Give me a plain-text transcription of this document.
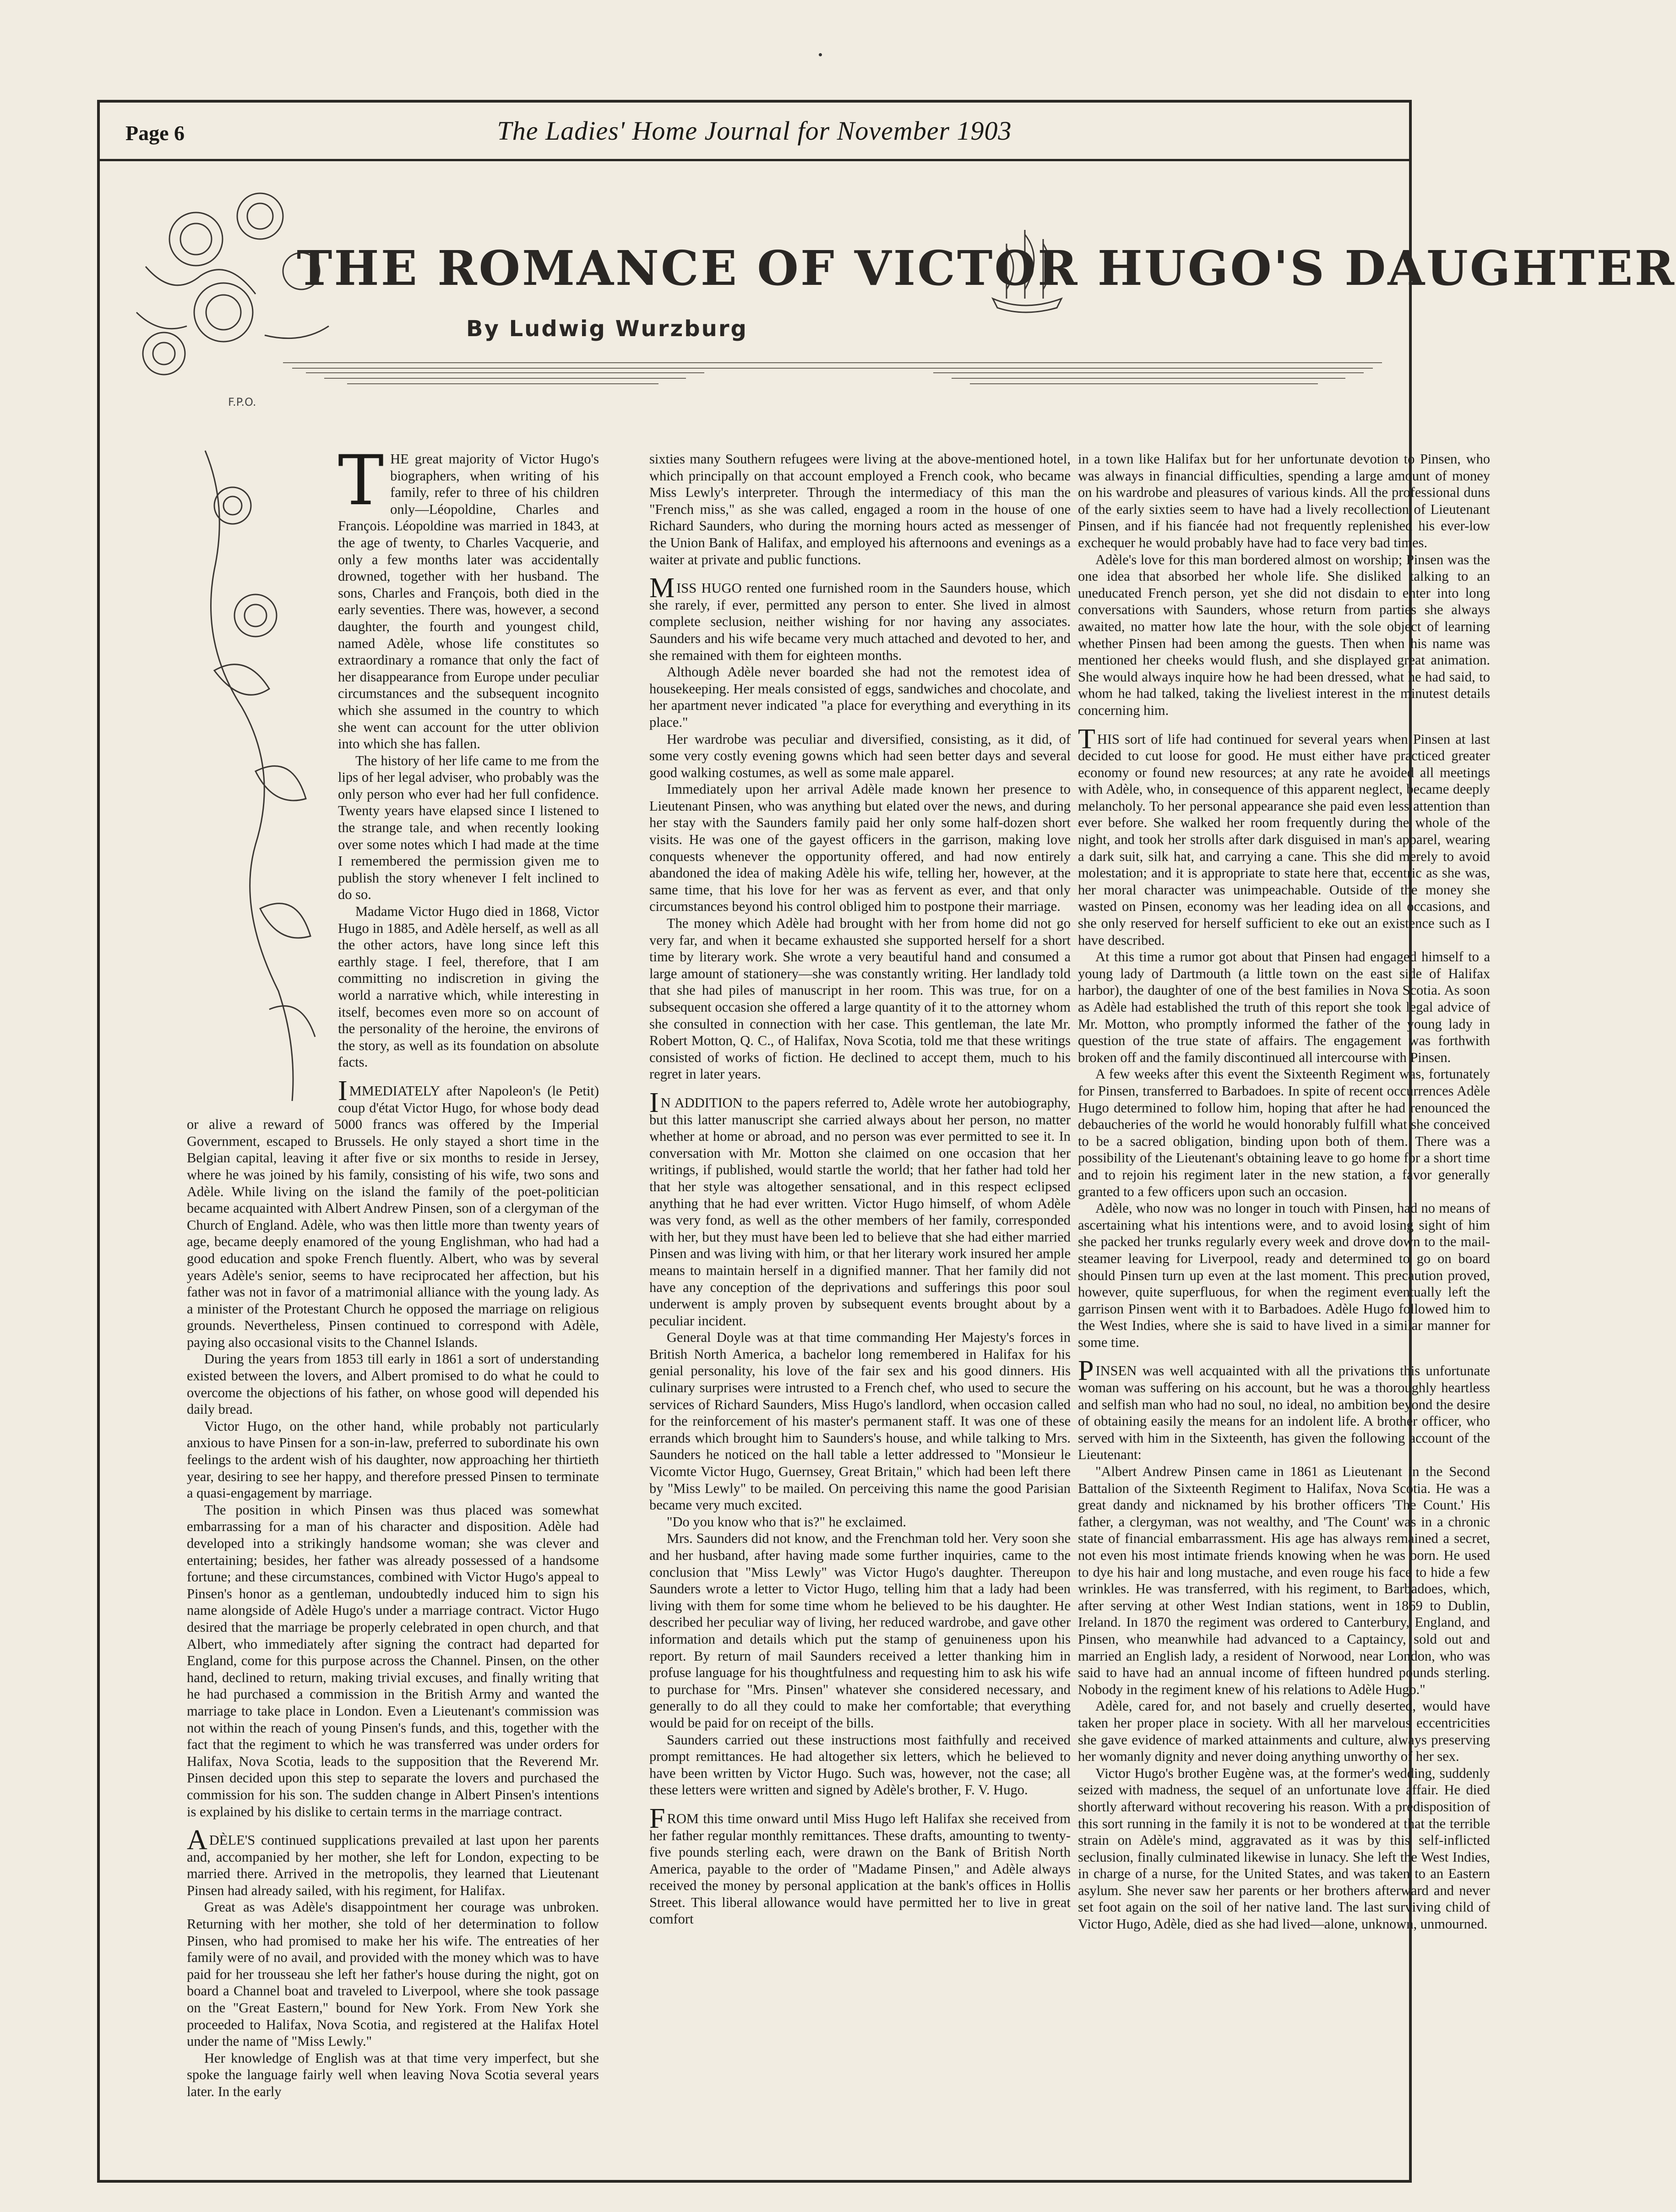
Page 6	The Ladies' Home Journal for November 1903
THE ROMANCE OF VICTOR HUGO'S DAUGHTER
By Ludwig Wurzburg
F.P.O.

THE great majority of Victor Hugo's biographers, when writing of his family, refer to three of his children only—Léopoldine, Charles and François. Léopoldine was married in 1843, at the age of twenty, to Charles Vacquerie, and only a few months later was accidentally drowned, together with her husband. The sons, Charles and François, both died in the early seventies. There was, however, a second daughter, the fourth and youngest child, named Adèle, whose life constitutes so extraordinary a romance that only the fact of her disappearance from Europe under peculiar circumstances and the subsequent incognito which she assumed in the country to which she went can account for the utter oblivion into which she has fallen.

The history of her life came to me from the lips of her legal adviser, who probably was the only person who ever had her full confidence. Twenty years have elapsed since I listened to the strange tale, and when recently looking over some notes which I had made at the time I remembered the permission given me to publish the story whenever I felt inclined to do so.

Madame Victor Hugo died in 1868, Victor Hugo in 1885, and Adèle herself, as well as all the other actors, have long since left this earthly stage. I feel, therefore, that I am committing no indiscretion in giving the world a narrative which, while interesting in itself, becomes even more so on account of the personality of the heroine, the environs of the story, as well as its foundation on absolute facts.

IMMEDIATELY after Napoleon's (le Petit) coup d'état Victor Hugo, for whose body dead or alive a reward of 5000 francs was offered by the Imperial Government, escaped to Brussels. He only stayed a short time in the Belgian capital, leaving it after five or six months to reside in Jersey, where he was joined by his family, consisting of his wife, two sons and Adèle. While living on the island the family of the poet-politician became acquainted with Albert Andrew Pinsen, son of a clergyman of the Church of England. Adèle, who was then little more than twenty years of age, became deeply enamored of the young Englishman, who had had a good education and spoke French fluently. Albert, who was by several years Adèle's senior, seems to have reciprocated her affection, but his father was not in favor of a matrimonial alliance with the young lady. As a minister of the Protestant Church he opposed the marriage on religious grounds. Nevertheless, Pinsen continued to correspond with Adèle, paying also occasional visits to the Channel Islands.

During the years from 1853 till early in 1861 a sort of understanding existed between the lovers, and Albert promised to do what he could to overcome the objections of his father, on whose good will depended his daily bread.

Victor Hugo, on the other hand, while probably not particularly anxious to have Pinsen for a son-in-law, preferred to subordinate his own feelings to the ardent wish of his daughter, now approaching her thirtieth year, desiring to see her happy, and therefore pressed Pinsen to terminate a quasi-engagement by marriage.

The position in which Pinsen was thus placed was somewhat embarrassing for a man of his character and disposition. Adèle had developed into a strikingly handsome woman; she was clever and entertaining; besides, her father was already possessed of a handsome fortune; and these circumstances, combined with Victor Hugo's appeal to Pinsen's honor as a gentleman, undoubtedly induced him to sign his name alongside of Adèle Hugo's under a marriage contract. Victor Hugo desired that the marriage be properly celebrated in open church, and that Albert, who immediately after signing the contract had departed for England, come for this purpose across the Channel. Pinsen, on the other hand, declined to return, making trivial excuses, and finally writing that he had purchased a commission in the British Army and wanted the marriage to take place in London. Even a Lieutenant's commission was not within the reach of young Pinsen's funds, and this, together with the fact that the regiment to which he was transferred was under orders for Halifax, Nova Scotia, leads to the supposition that the Reverend Mr. Pinsen decided upon this step to separate the lovers and purchased the commission for his son. The sudden change in Albert Pinsen's intentions is explained by his dislike to certain terms in the marriage contract.

ADÈLE'S continued supplications prevailed at last upon her parents and, accompanied by her mother, she left for London, expecting to be married there. Arrived in the metropolis, they learned that Lieutenant Pinsen had already sailed, with his regiment, for Halifax.

Great as was Adèle's disappointment her courage was unbroken. Returning with her mother, she told of her determination to follow Pinsen, who had promised to make her his wife. The entreaties of her family were of no avail, and provided with the money which was to have paid for her trousseau she left her father's house during the night, got on board a Channel boat and traveled to Liverpool, where she took passage on the "Great Eastern," bound for New York. From New York she proceeded to Halifax, Nova Scotia, and registered at the Halifax Hotel under the name of "Miss Lewly."

Her knowledge of English was at that time very imperfect, but she spoke the language fairly well when leaving Nova Scotia several years later. In the early

sixties many Southern refugees were living at the above-mentioned hotel, which principally on that account employed a French cook, who became Miss Lewly's interpreter. Through the intermediacy of this man the "French miss," as she was called, engaged a room in the house of one Richard Saunders, who during the morning hours acted as messenger of the Union Bank of Halifax, and employed his afternoons and evenings as a waiter at private and public functions.

MISS HUGO rented one furnished room in the Saunders house, which she rarely, if ever, permitted any person to enter. She lived in almost complete seclusion, neither wishing for nor having any associates. Saunders and his wife became very much attached and devoted to her, and she remained with them for eighteen months.

Although Adèle never boarded she had not the remotest idea of housekeeping. Her meals consisted of eggs, sandwiches and chocolate, and her apartment never indicated "a place for everything and everything in its place."

Her wardrobe was peculiar and diversified, consisting, as it did, of some very costly evening gowns which had seen better days and several good walking costumes, as well as some male apparel.

Immediately upon her arrival Adèle made known her presence to Lieutenant Pinsen, who was anything but elated over the news, and during her stay with the Saunders family paid her only some half-dozen short visits. He was one of the gayest officers in the garrison, making love conquests whenever the opportunity offered, and had now entirely abandoned the idea of making Adèle his wife, telling her, however, at the same time, that his love for her was as fervent as ever, and that only circumstances beyond his control obliged him to postpone their marriage.

The money which Adèle had brought with her from home did not go very far, and when it became exhausted she supported herself for a short time by literary work. She wrote a very beautiful hand and consumed a large amount of stationery—she was constantly writing. Her landlady told that she had piles of manuscript in her room. This was true, for on a subsequent occasion she offered a large quantity of it to the attorney whom she consulted in connection with her case. This gentleman, the late Mr. Robert Motton, Q. C., of Halifax, Nova Scotia, told me that these writings consisted of works of fiction. He declined to accept them, much to his regret in later years.

IN ADDITION to the papers referred to, Adèle wrote her autobiography, but this latter manuscript she carried always about her person, no matter whether at home or abroad, and no person was ever permitted to see it. In conversation with Mr. Motton she claimed on one occasion that her writings, if published, would startle the world; that her father had told her that her style was altogether sensational, and in this respect eclipsed anything that he had ever written. Victor Hugo himself, of whom Adèle was very fond, as well as the other members of her family, corresponded with her, but they must have been led to believe that she had either married Pinsen and was living with him, or that her literary work insured her ample means to maintain herself in a dignified manner. That her family did not have any conception of the deprivations and sufferings this poor soul underwent is amply proven by subsequent events brought about by a peculiar incident.

General Doyle was at that time commanding Her Majesty's forces in British North America, a bachelor long remembered in Halifax for his genial personality, his love of the fair sex and his good dinners. His culinary surprises were intrusted to a French chef, who used to secure the services of Richard Saunders, Miss Hugo's landlord, when occasion called for the reinforcement of his master's permanent staff. It was one of these errands which brought him to Saunders's house, and while talking to Mrs. Saunders he noticed on the hall table a letter addressed to "Monsieur le Vicomte Victor Hugo, Guernsey, Great Britain," which had been left there by "Miss Lewly" to be mailed. On perceiving this name the good Parisian became very much excited.

"Do you know who that is?" he exclaimed.

Mrs. Saunders did not know, and the Frenchman told her. Very soon she and her husband, after having made some further inquiries, came to the conclusion that "Miss Lewly" was Victor Hugo's daughter. Thereupon Saunders wrote a letter to Victor Hugo, telling him that a lady had been living with them for some time whom he believed to be his daughter. He described her peculiar way of living, her reduced wardrobe, and gave other information and details which put the stamp of genuineness upon his report. By return of mail Saunders received a letter thanking him in profuse language for his thoughtfulness and requesting him to ask his wife to purchase for "Mrs. Pinsen" whatever she considered necessary, and generally to do all they could to make her comfortable; that everything would be paid for on receipt of the bills.

Saunders carried out these instructions most faithfully and received prompt remittances. He had altogether six letters, which he believed to have been written by Victor Hugo. Such was, however, not the case; all these letters were written and signed by Adèle's brother, F. V. Hugo.

FROM this time onward until Miss Hugo left Halifax she received from her father regular monthly remittances. These drafts, amounting to twenty-five pounds sterling each, were drawn on the Bank of British North America, payable to the order of "Madame Pinsen," and Adèle always received the money by personal application at the bank's offices in Hollis Street. This liberal allowance would have permitted her to live in great comfort

in a town like Halifax but for her unfortunate devotion to Pinsen, who was always in financial difficulties, spending a large amount of money on his wardrobe and pleasures of various kinds. All the professional duns of the early sixties seem to have had a lively recollection of Lieutenant Pinsen, and if his fiancée had not frequently replenished his ever-low exchequer he would probably have had to face very bad times.

Adèle's love for this man bordered almost on worship; Pinsen was the one idea that absorbed her whole life. She disliked talking to an uneducated French person, yet she did not disdain to enter into long conversations with Saunders, whose return from parties she always awaited, no matter how late the hour, with the sole object of learning whether Pinsen had been among the guests. Then when his name was mentioned her cheeks would flush, and she displayed great animation. She would always inquire how he had been dressed, what he had said, to whom he had talked, taking the liveliest interest in the minutest details concerning him.

THIS sort of life had continued for several years when Pinsen at last decided to cut loose for good. He must either have practiced greater economy or found new resources; at any rate he avoided all meetings with Adèle, who, in consequence of this apparent neglect, became deeply melancholy. To her personal appearance she paid even less attention than ever before. She walked her room frequently during the whole of the night, and took her strolls after dark disguised in man's apparel, wearing a dark suit, silk hat, and carrying a cane. This she did merely to avoid molestation; and it is appropriate to state here that, eccentric as she was, her moral character was unimpeachable. Outside of the money she wasted on Pinsen, economy was her leading idea on all occasions, and she only reserved for herself sufficient to eke out an existence such as I have described.

At this time a rumor got about that Pinsen had engaged himself to a young lady of Dartmouth (a little town on the east side of Halifax harbor), the daughter of one of the best families in Nova Scotia. As soon as Adèle had established the truth of this report she took legal advice of Mr. Motton, who promptly informed the father of the young lady in question of the true state of affairs. The engagement was forthwith broken off and the family discontinued all intercourse with Pinsen.

A few weeks after this event the Sixteenth Regiment was, fortunately for Pinsen, transferred to Barbadoes. In spite of recent occurrences Adèle Hugo determined to follow him, hoping that after he had renounced the debaucheries of the world he would honorably fulfill what she conceived to be a sacred obligation, binding upon both of them. There was a possibility of the Lieutenant's obtaining leave to go home for a short time and to rejoin his regiment later in the new station, a favor generally granted to a few officers upon such an occasion.

Adèle, who now was no longer in touch with Pinsen, had no means of ascertaining what his intentions were, and to avoid losing sight of him she packed her trunks regularly every week and drove down to the mail-steamer leaving for Liverpool, ready and determined to go on board should Pinsen turn up even at the last moment. This precaution proved, however, quite superfluous, for when the regiment eventually left the garrison Pinsen went with it to Barbadoes. Adèle Hugo followed him to the West Indies, where she is said to have lived in a similar manner for some time.

PINSEN was well acquainted with all the privations this unfortunate woman was suffering on his account, but he was a thoroughly heartless and selfish man who had no soul, no ideal, no ambition beyond the desire of obtaining easily the means for an indolent life. A brother officer, who served with him in the Sixteenth, has given the following account of the Lieutenant:

"Albert Andrew Pinsen came in 1861 as Lieutenant in the Second Battalion of the Sixteenth Regiment to Halifax, Nova Scotia. He was a great dandy and nicknamed by his brother officers 'The Count.' His father, a clergyman, was not wealthy, and 'The Count' was in a chronic state of financial embarrassment. His age has always remained a secret, not even his most intimate friends knowing when he was born. He used to dye his hair and long mustache, and even rouge his face to hide a few wrinkles. He was transferred, with his regiment, to Barbadoes, which, after serving at other West Indian stations, went in 1869 to Dublin, Ireland. In 1870 the regiment was ordered to Canterbury, England, and Pinsen, who meanwhile had advanced to a Captaincy, sold out and married an English lady, a resident of Norwood, near London, who was said to have had an annual income of fifteen hundred pounds sterling. Nobody in the regiment knew of his relations to Adèle Hugo."

Adèle, cared for, and not basely and cruelly deserted, would have taken her proper place in society. With all her marvelous eccentricities she gave evidence of marked attainments and culture, always preserving her womanly dignity and never doing anything unworthy of her sex.

Victor Hugo's brother Eugène was, at the former's wedding, suddenly seized with madness, the sequel of an unfortunate love affair. He died shortly afterward without recovering his reason. With a predisposition of this sort running in the family it is not to be wondered at that the terrible strain on Adèle's mind, aggravated as it was by this self-inflicted seclusion, finally culminated likewise in lunacy. She left the West Indies, in charge of a nurse, for the United States, and was taken to an Eastern asylum. She never saw her parents or her brothers afterward and never set foot again on the soil of her native land. The last surviving child of Victor Hugo, Adèle, died as she had lived—alone, unknown, unmourned.
